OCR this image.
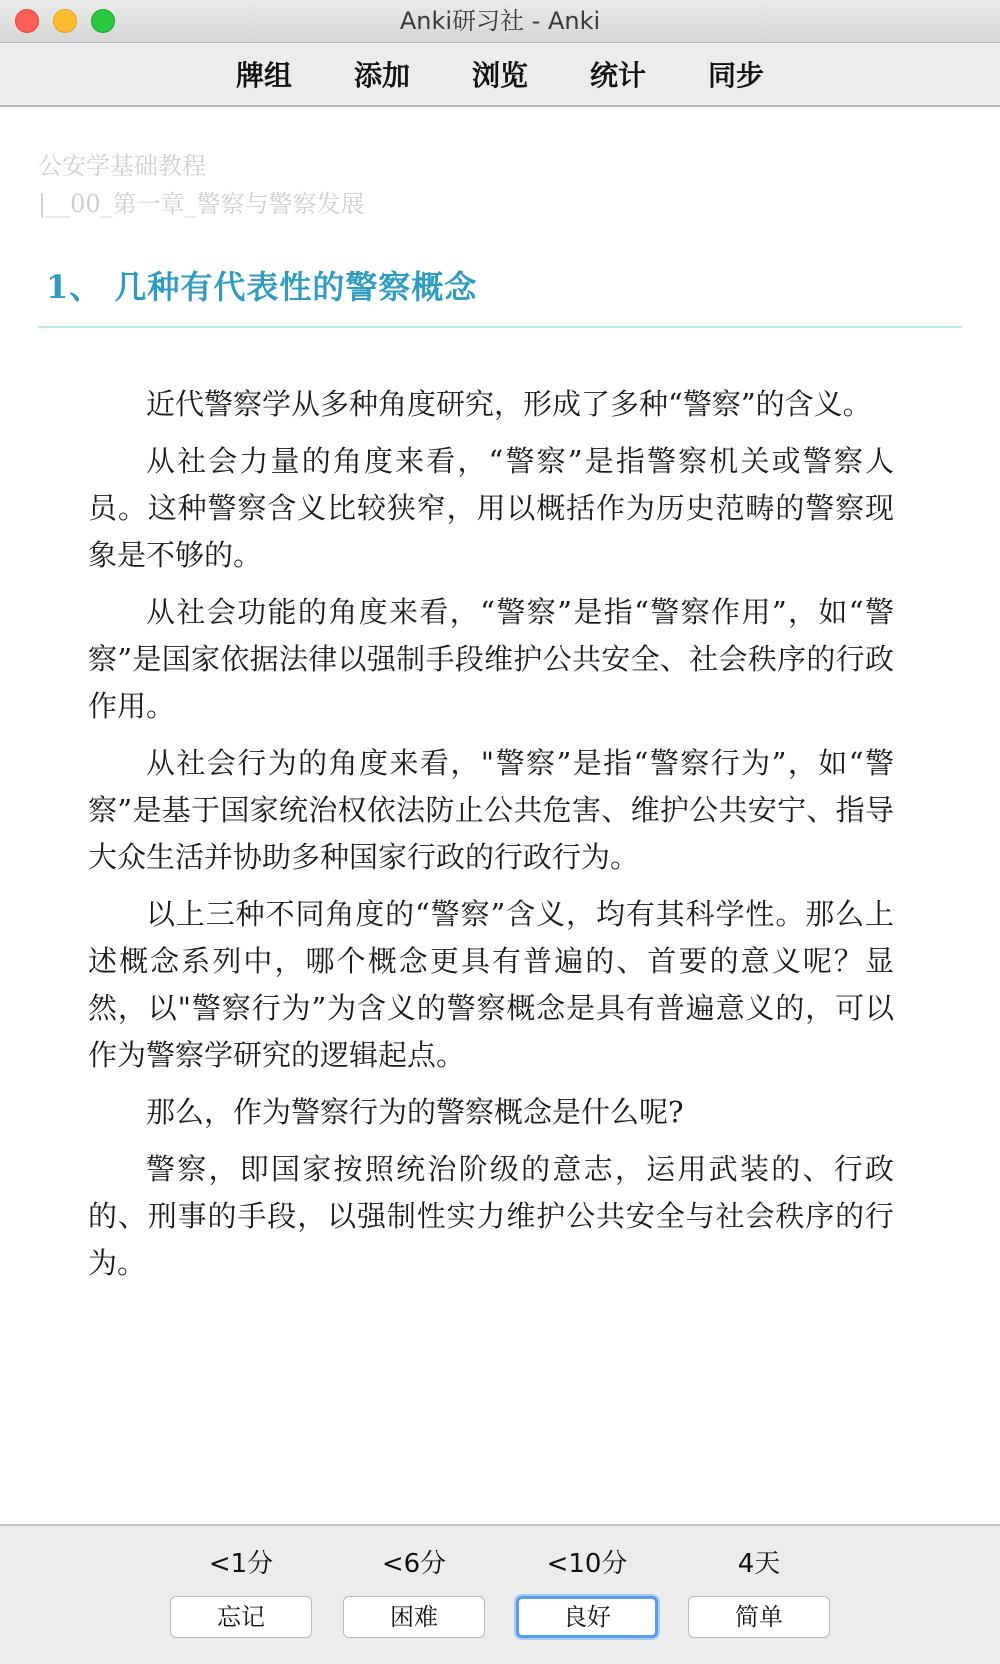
Anki研习社 - Anki
牌组 添加 浏览 统计 同步
公安学基础教程
|__00_第一章_警察与警察发展
1、 几种有代表性的警察概念

近代警察学从多种角度研究，形成了多种“警察”的含义。

从社会力量的角度来看，“警察”是指警察机关或警察人员。这种警察含义比较狭窄，用以概括作为历史范畴的警察现象是不够的。

从社会功能的角度来看，“警察”是指“警察作用”，如“警察”是国家依据法律以强制手段维护公共安全、社会秩序的行政作用。

从社会行为的角度来看，"警察”是指“警察行为”，如“警察”是基于国家统治权依法防止公共危害、维护公共安宁、指导大众生活并协助多种国家行政的行政行为。

以上三种不同角度的“警察”含义，均有其科学性。那么上述概念系列中，哪个概念更具有普遍的、首要的意义呢？显然，以"警察行为”为含义的警察概念是具有普遍意义的，可以作为警察学研究的逻辑起点。

那么，作为警察行为的警察概念是什么呢?

警察，即国家按照统治阶级的意志，运用武装的、行政的、刑事的手段，以强制性实力维护公共安全与社会秩序的行为。

<1分
忘记
<6分
困难
<10分
良好
4天
简单
